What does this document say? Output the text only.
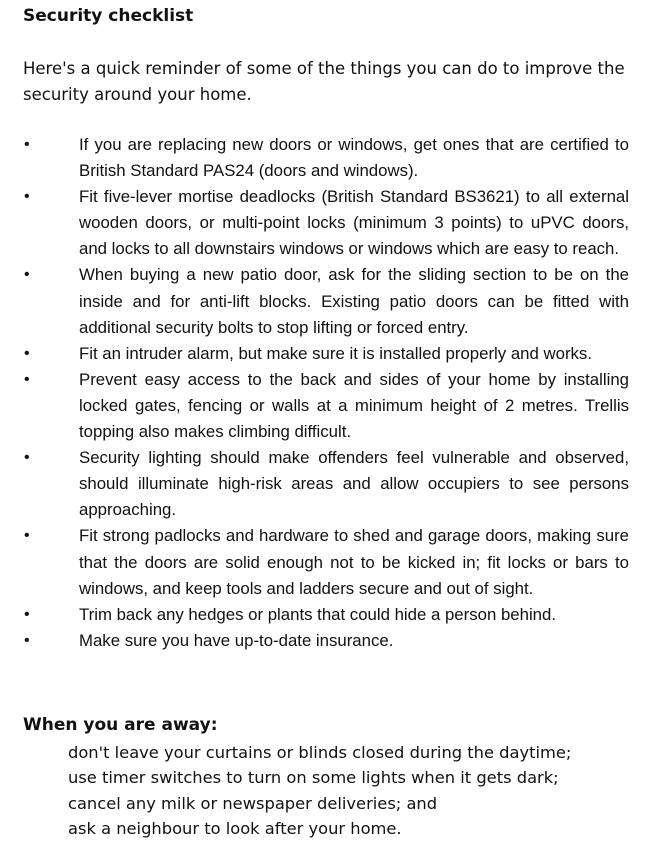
Security checklist

Here's a quick reminder of some of the things you can do to improve the security around your home.

•	If you are replacing new doors or windows, get ones that are certified to British Standard PAS24 (doors and windows).
•	Fit five-lever mortise deadlocks (British Standard BS3621) to all external wooden doors, or multi-point locks (minimum 3 points) to uPVC doors, and locks to all downstairs windows or windows which are easy to reach.
•	When buying a new patio door, ask for the sliding section to be on the inside and for anti-lift blocks. Existing patio doors can be fitted with additional security bolts to stop lifting or forced entry.
•	Fit an intruder alarm, but make sure it is installed properly and works.
•	Prevent easy access to the back and sides of your home by installing locked gates, fencing or walls at a minimum height of 2 metres. Trellis topping also makes climbing difficult.
•	Security lighting should make offenders feel vulnerable and observed, should illuminate high-risk areas and allow occupiers to see persons approaching.
•	Fit strong padlocks and hardware to shed and garage doors, making sure that the doors are solid enough not to be kicked in; fit locks or bars to windows, and keep tools and ladders secure and out of sight.
•	Trim back any hedges or plants that could hide a person behind.
•	Make sure you have up-to-date insurance.
When you are away:
don't leave your curtains or blinds closed during the daytime;
use timer switches to turn on some lights when it gets dark;
cancel any milk or newspaper deliveries; and
ask a neighbour to look after your home.
